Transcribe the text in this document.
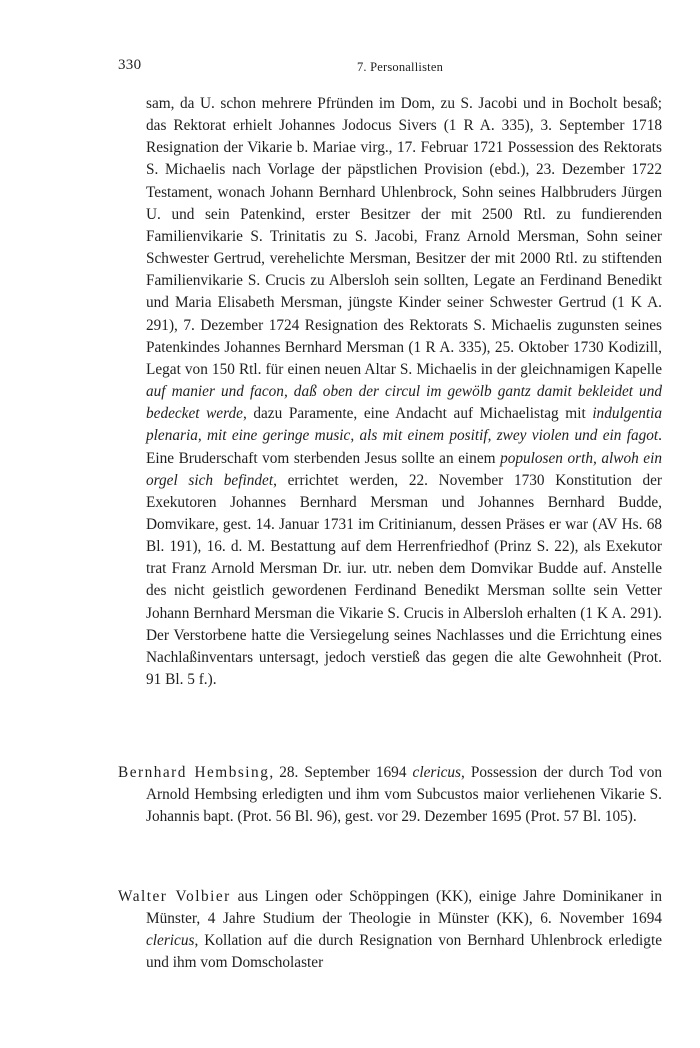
330	7. Personallisten

sam, da U. schon mehrere Pfründen im Dom, zu S. Jacobi und in Bocholt besaß; das Rektorat erhielt Johannes Jodocus Sivers (1 R A. 335), 3. September 1718 Resignation der Vikarie b. Mariae virg., 17. Februar 1721 Possession des Rektorats S. Michaelis nach Vorlage der päpstlichen Provision (ebd.), 23. Dezember 1722 Testament, wonach Johann Bernhard Uhlenbrock, Sohn seines Halbbruders Jürgen U. und sein Patenkind, erster Besitzer der mit 2500 Rtl. zu fundierenden Familienvikarie S. Trinitatis zu S. Jacobi, Franz Arnold Mersman, Sohn seiner Schwester Gertrud, verehelichte Mersman, Besitzer der mit 2000 Rtl. zu stiftenden Familienvikarie S. Crucis zu Albersloh sein sollten, Legate an Ferdinand Benedikt und Maria Elisabeth Mersman, jüngste Kinder seiner Schwester Gertrud (1 K A. 291), 7. Dezember 1724 Resignation des Rektorats S. Michaelis zugunsten seines Patenkindes Johannes Bernhard Mersman (1 R A. 335), 25. Oktober 1730 Kodizill, Legat von 150 Rtl. für einen neuen Altar S. Michaelis in der gleichnamigen Kapelle auf manier und facon, daß oben der circul im gewölb gantz damit bekleidet und bedecket werde, dazu Paramente, eine Andacht auf Michaelistag mit indulgentia plenaria, mit eine geringe music, als mit einem positif, zwey violen und ein fagot. Eine Bruderschaft vom sterbenden Jesus sollte an einem populosen orth, alwoh ein orgel sich befindet, errichtet werden, 22. November 1730 Konstitution der Exekutoren Johannes Bernhard Mersman und Johannes Bernhard Budde, Domvikare, gest. 14. Januar 1731 im Critinianum, dessen Präses er war (AV Hs. 68 Bl. 191), 16. d. M. Bestattung auf dem Herrenfriedhof (Prinz S. 22), als Exekutor trat Franz Arnold Mersman Dr. iur. utr. neben dem Domvikar Budde auf. Anstelle des nicht geistlich gewordenen Ferdinand Benedikt Mersman sollte sein Vetter Johann Bernhard Mersman die Vikarie S. Crucis in Albersloh erhalten (1 K A. 291). Der Verstorbene hatte die Versiegelung seines Nachlasses und die Errichtung eines Nachlaßinventars untersagt, jedoch verstieß das gegen die alte Gewohnheit (Prot. 91 Bl. 5 f.).

Bernhard Hembsing, 28. September 1694 clericus, Possession der durch Tod von Arnold Hembsing erledigten und ihm vom Subcustos maior verliehenen Vikarie S. Johannis bapt. (Prot. 56 Bl. 96), gest. vor 29. Dezember 1695 (Prot. 57 Bl. 105).

Walter Volbier aus Lingen oder Schöppingen (KK), einige Jahre Dominikaner in Münster, 4 Jahre Studium der Theologie in Münster (KK), 6. November 1694 clericus, Kollation auf die durch Resignation von Bernhard Uhlenbrock erledigte und ihm vom Domscholaster
